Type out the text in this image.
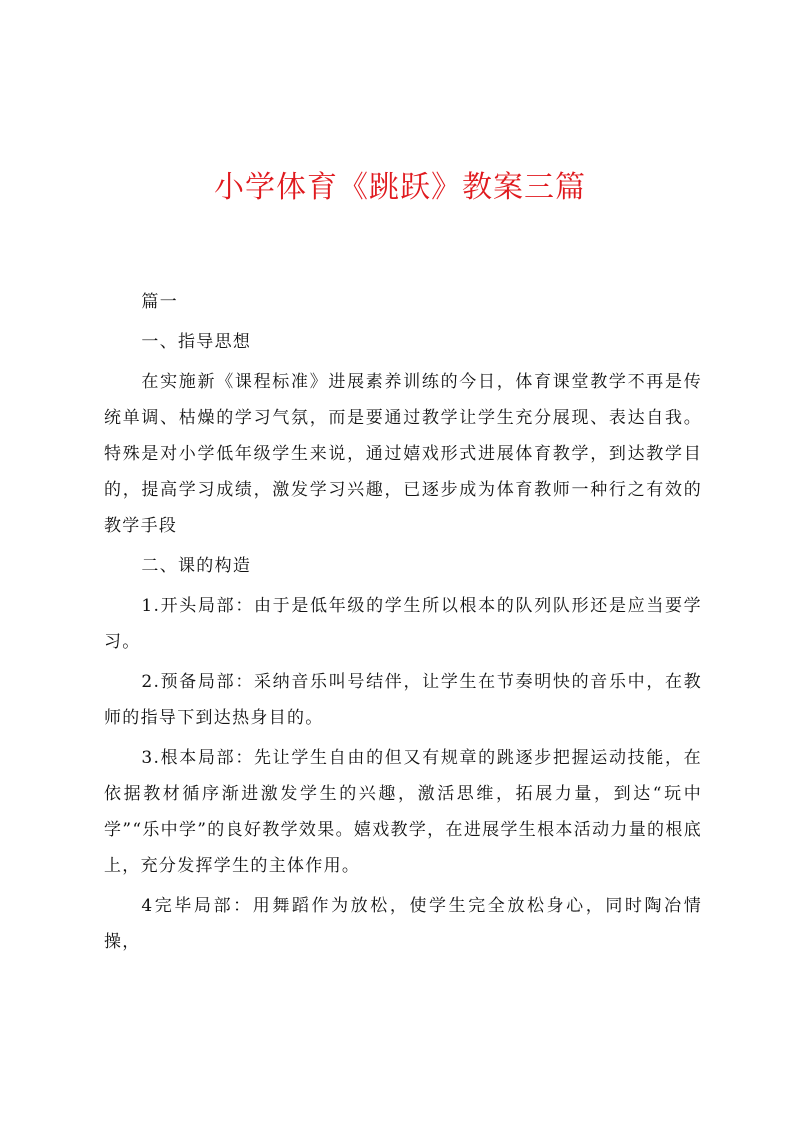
小学体育《跳跃》教案三篇

篇一

一、指导思想

在实施新《课程标准》进展素养训练的今日，体育课堂教学不再是传统单调、枯燥的学习气氛，而是要通过教学让学生充分展现、表达自我。特殊是对小学低年级学生来说，通过嬉戏形式进展体育教学，到达教学目的，提高学习成绩，激发学习兴趣，已逐步成为体育教师一种行之有效的教学手段

二、课的构造

1.开头局部：由于是低年级的学生所以根本的队列队形还是应当要学习。

2.预备局部：采纳音乐叫号结伴，让学生在节奏明快的音乐中，在教师的指导下到达热身目的。

3.根本局部：先让学生自由的但又有规章的跳逐步把握运动技能，在依据教材循序渐进激发学生的兴趣，激活思维，拓展力量，到达“玩中学”“乐中学”的良好教学效果。嬉戏教学，在进展学生根本活动力量的根底上，充分发挥学生的主体作用。

4完毕局部：用舞蹈作为放松，使学生完全放松身心，同时陶冶情操，
